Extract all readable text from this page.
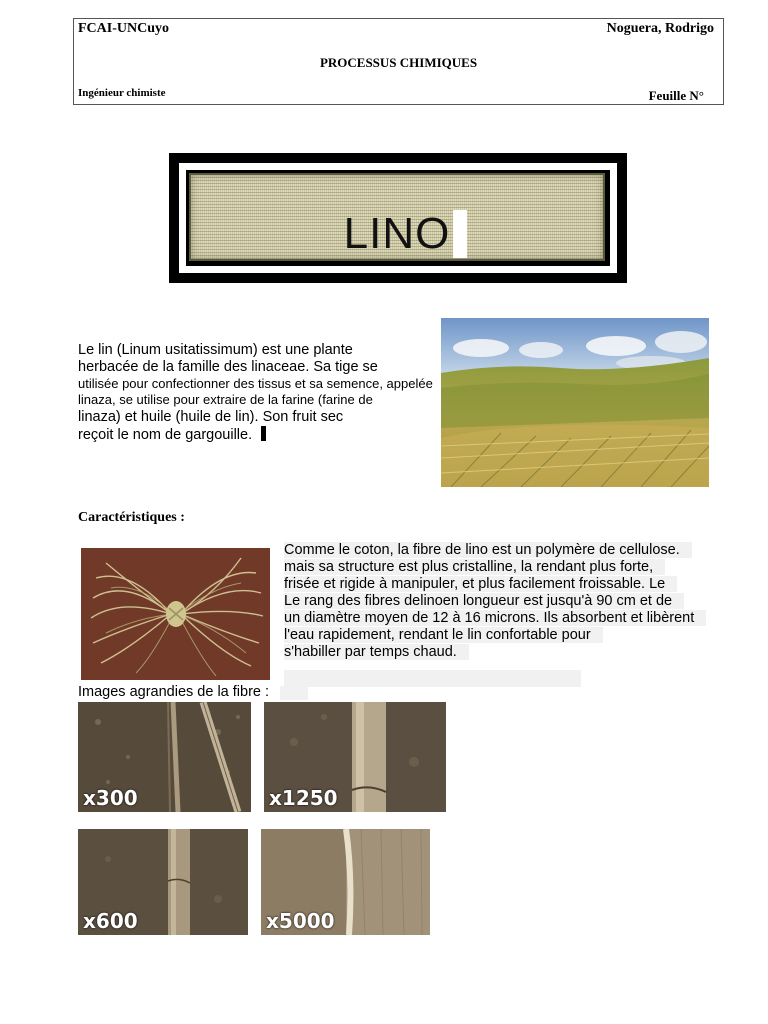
FCAI-UNCuyo	Noguera, Rodrigo
PROCESSUS CHIMIQUES
Ingénieur chimiste	Feuille N°
LINO
Le lin (Linum usitatissimum) est une plante
herbacée de la famille des linaceae. Sa tige se
utilisée pour confectionner des tissus et sa semence, appelée
linaza, se utilise pour extraire de la farine (farine de
linaza) et huile (huile de lin). Son fruit sec
reçoit le nom de gargouille.
Caractéristiques :
Comme le coton, la fibre de lino est un polymère de cellulose.
mais sa structure est plus cristalline, la rendant plus forte,
frisée et rigide à manipuler, et plus facilement froissable. Le
Le rang des fibres delinoen longueur est jusqu'à 90 cm et de
un diamètre moyen de 12 à 16 microns. Ils absorbent et libèrent
l'eau rapidement, rendant le lin confortable pour
s'habiller par temps chaud.
Images agrandies de la fibre :
x300	x1250
x600	x5000
